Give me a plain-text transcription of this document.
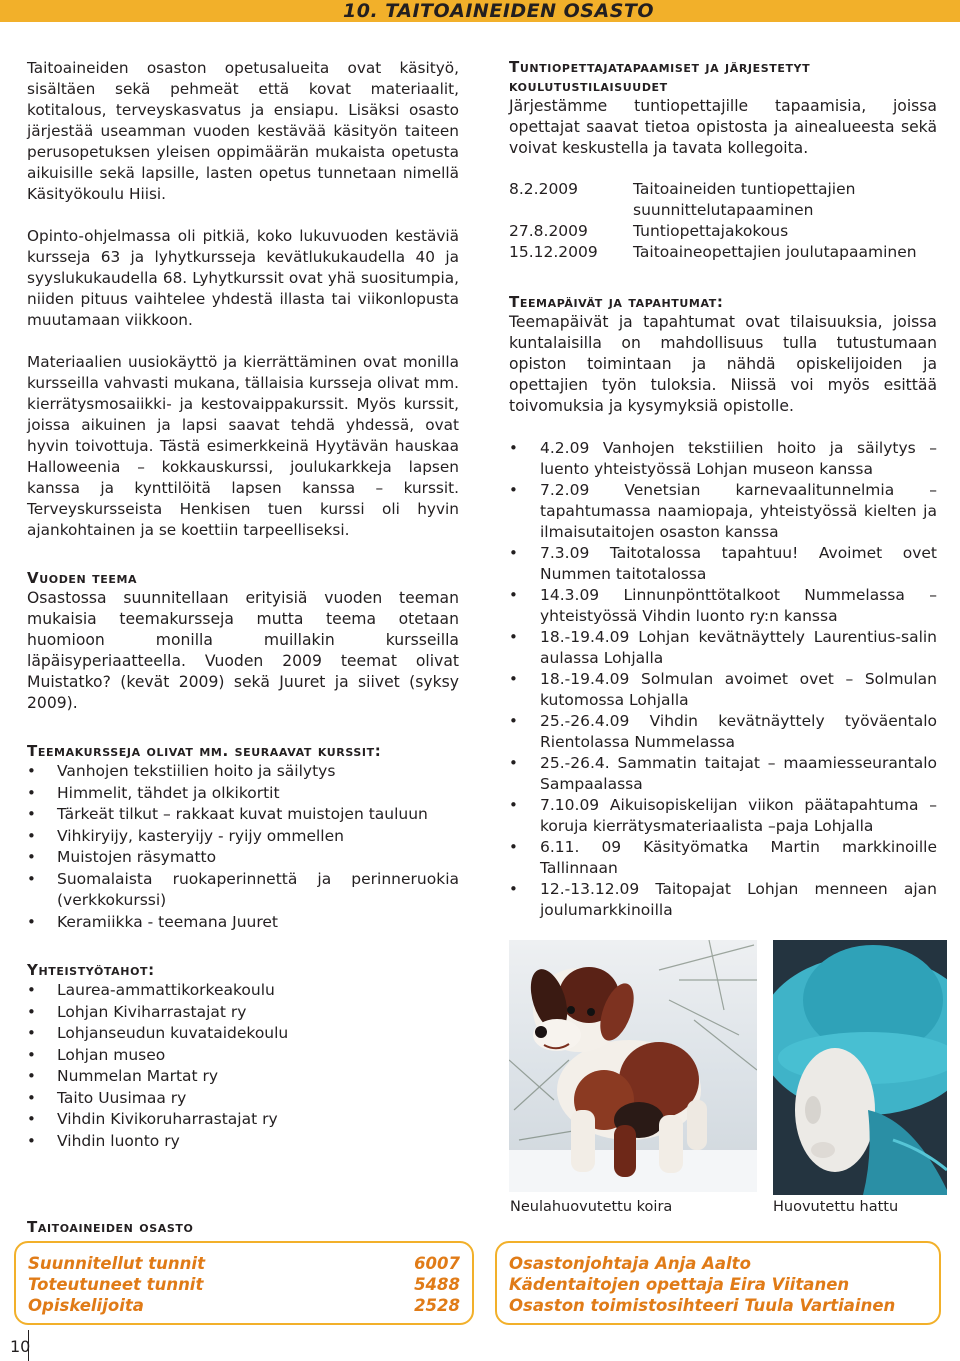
10. TAITOAINEIDEN OSASTO

Taitoaineiden osaston opetusalueita ovat käsityö, sisältäen sekä pehmeät että kovat materiaalit, kotitalous, terveyskasvatus ja ensiapu. Lisäksi osasto järjestää useamman vuoden kestävää käsityön taiteen perusopetuksen yleisen oppimäärän mukaista opetusta aikuisille sekä lapsille, lasten opetus tunnetaan nimellä Käsityökoulu Hiisi.

Opinto-ohjelmassa oli pitkiä, koko lukuvuoden kestäviä kursseja 63 ja lyhytkursseja kevätlukukaudella 40 ja syyslukukaudella 68. Lyhytkurssit ovat yhä suositumpia, niiden pituus vaihtelee yhdestä illasta tai viikonlopusta muutamaan viikkoon.

Materiaalien uusiokäyttö ja kierrättäminen ovat monilla kursseilla vahvasti mukana, tällaisia kursseja olivat mm. kierrätysmosaiikki- ja kestovaippakurssit. Myös kurssit, joissa aikuinen ja lapsi saavat tehdä yhdessä, ovat hyvin toivottuja. Tästä esimerkkeinä Hyytävän hauskaa Halloweenia – kokkauskurssi, joulukarkkeja lapsen kanssa ja kynttilöitä lapsen kanssa – kurssit. Terveyskursseista Henkisen tuen kurssi oli hyvin ajankohtainen ja se koettiin tarpeelliseksi.

Vuoden teema

Osastossa suunnitellaan erityisiä vuoden teeman mukaisia teemakursseja mutta teema otetaan huomioon monilla muillakin kursseilla läpäisyperiaatteella. Vuoden 2009 teemat olivat Muistatko? (kevät 2009) sekä Juuret ja siivet (syksy 2009).

Teemakursseja olivat mm. seuraavat kurssit:
• Vanhojen tekstiilien hoito ja säilytys
• Himmelit, tähdet ja olkikortit
• Tärkeät tilkut – rakkaat kuvat muistojen tauluun
• Vihkiryijy, kasteryijy - ryijy ommellen
• Muistojen räsymatto
• Suomalaista ruokaperinnettä ja perinneruokia (verkkokurssi)
• Keramiikka - teemana Juuret
Yhteistyötahot:
• Laurea-ammattikorkeakoulu
• Lohjan Kiviharrastajat ry
• Lohjanseudun kuvataidekoulu
• Lohjan museo
• Nummelan Martat ry
• Taito Uusimaa ry
• Vihdin Kivikoruharrastajat ry
• Vihdin luonto ry
Tuntiopettajatapaamiset ja järjestetyt koulutustilaisuudet

Järjestämme tuntiopettajille tapaamisia, joissa opettajat saavat tietoa opistosta ja ainealueesta sekä voivat keskustella ja tavata kollegoita.

8.2.2009	Taitoaineiden tuntiopettajien suunnittelutapaaminen
27.8.2009	Tuntiopettajakokous
15.12.2009	Taitoaineopettajien joulutapaaminen
Teemapäivät ja tapahtumat:

Teemapäivät ja tapahtumat ovat tilaisuuksia, joissa kuntalaisilla on mahdollisuus tulla tutustumaan opiston toimintaan ja nähdä opiskelijoiden ja opettajien työn tuloksia. Niissä voi myös esittää toivomuksia ja kysymyksiä opistolle.

• 4.2.09 Vanhojen tekstiilien hoito ja säilytys – luento yhteistyössä Lohjan museon kanssa
• 7.2.09 Venetsian karnevaalitunnelmia – tapahtumassa naamiopaja, yhteistyössä kielten ja ilmaisutaitojen osaston kanssa
• 7.3.09 Taitotalossa tapahtuu! Avoimet ovet Nummen taitotalossa
• 14.3.09 Linnunpönttötalkoot Nummelassa – yhteistyössä Vihdin luonto ry:n kanssa
• 18.-19.4.09 Lohjan kevätnäyttely Laurentius-salin aulassa Lohjalla
• 18.-19.4.09 Solmulan avoimet ovet – Solmulan kutomossa Lohjalla
• 25.-26.4.09 Vihdin kevätnäyttely työväentalo Rientolassa Nummelassa
• 25.-26.4. Sammatin taitajat – maamiesseurantalo Sampaalassa
• 7.10.09 Aikuisopiskelijan viikon päätapahtuma – koruja kierrätysmateriaalista –paja Lohjalla
• 6.11. 09 Käsityömatka Martin markkinoille Tallinnaan
• 12.-13.12.09 Taitopajat Lohjan menneen ajan joulumarkkinoilla
Neulahuovutettu koira	Huovutettu hattu
Taitoaineiden osasto
Suunnitellut tunnit	6007
Toteutuneet tunnit	5488
Opiskelijoita	2528
Osastonjohtaja Anja Aalto
Kädentaitojen opettaja Eira Viitanen
Osaston toimistosihteeri Tuula Vartiainen
10
